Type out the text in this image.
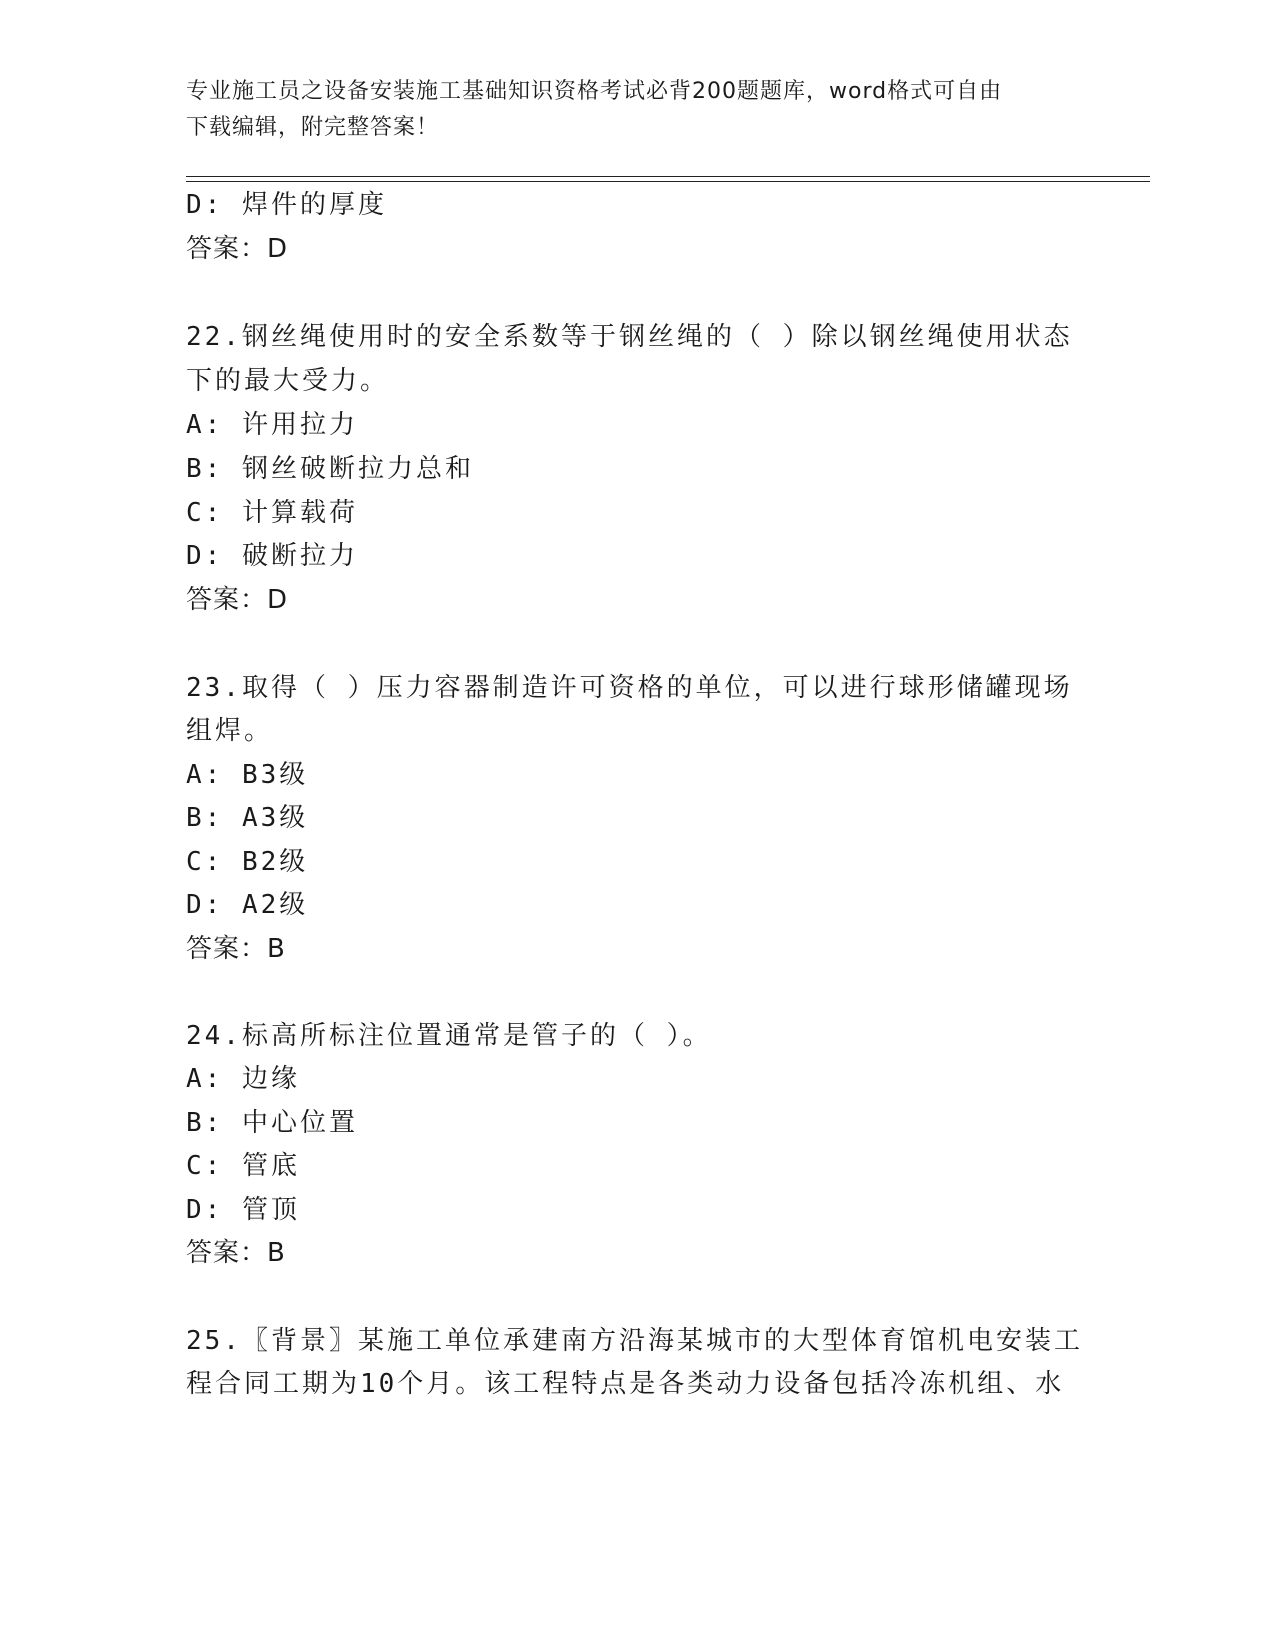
专业施工员之设备安装施工基础知识资格考试必背200题题库，word格式可自由
下载编辑，附完整答案！
D: 焊件的厚度
答案：D
22.钢丝绳使用时的安全系数等于钢丝绳的（ ）除以钢丝绳使用状态
下的最大受力。
A: 许用拉力
B: 钢丝破断拉力总和
C: 计算载荷
D: 破断拉力
答案：D
23.取得（ ）压力容器制造许可资格的单位，可以进行球形储罐现场
组焊。
A: B3级
B: A3级
C: B2级
D: A2级
答案：B
24.标高所标注位置通常是管子的（ ）。
A: 边缘
B: 中心位置
C: 管底
D: 管顶
答案：B
25.〖背景〗某施工单位承建南方沿海某城市的大型体育馆机电安装工
程合同工期为10个月。该工程特点是各类动力设备包括冷冻机组、水
